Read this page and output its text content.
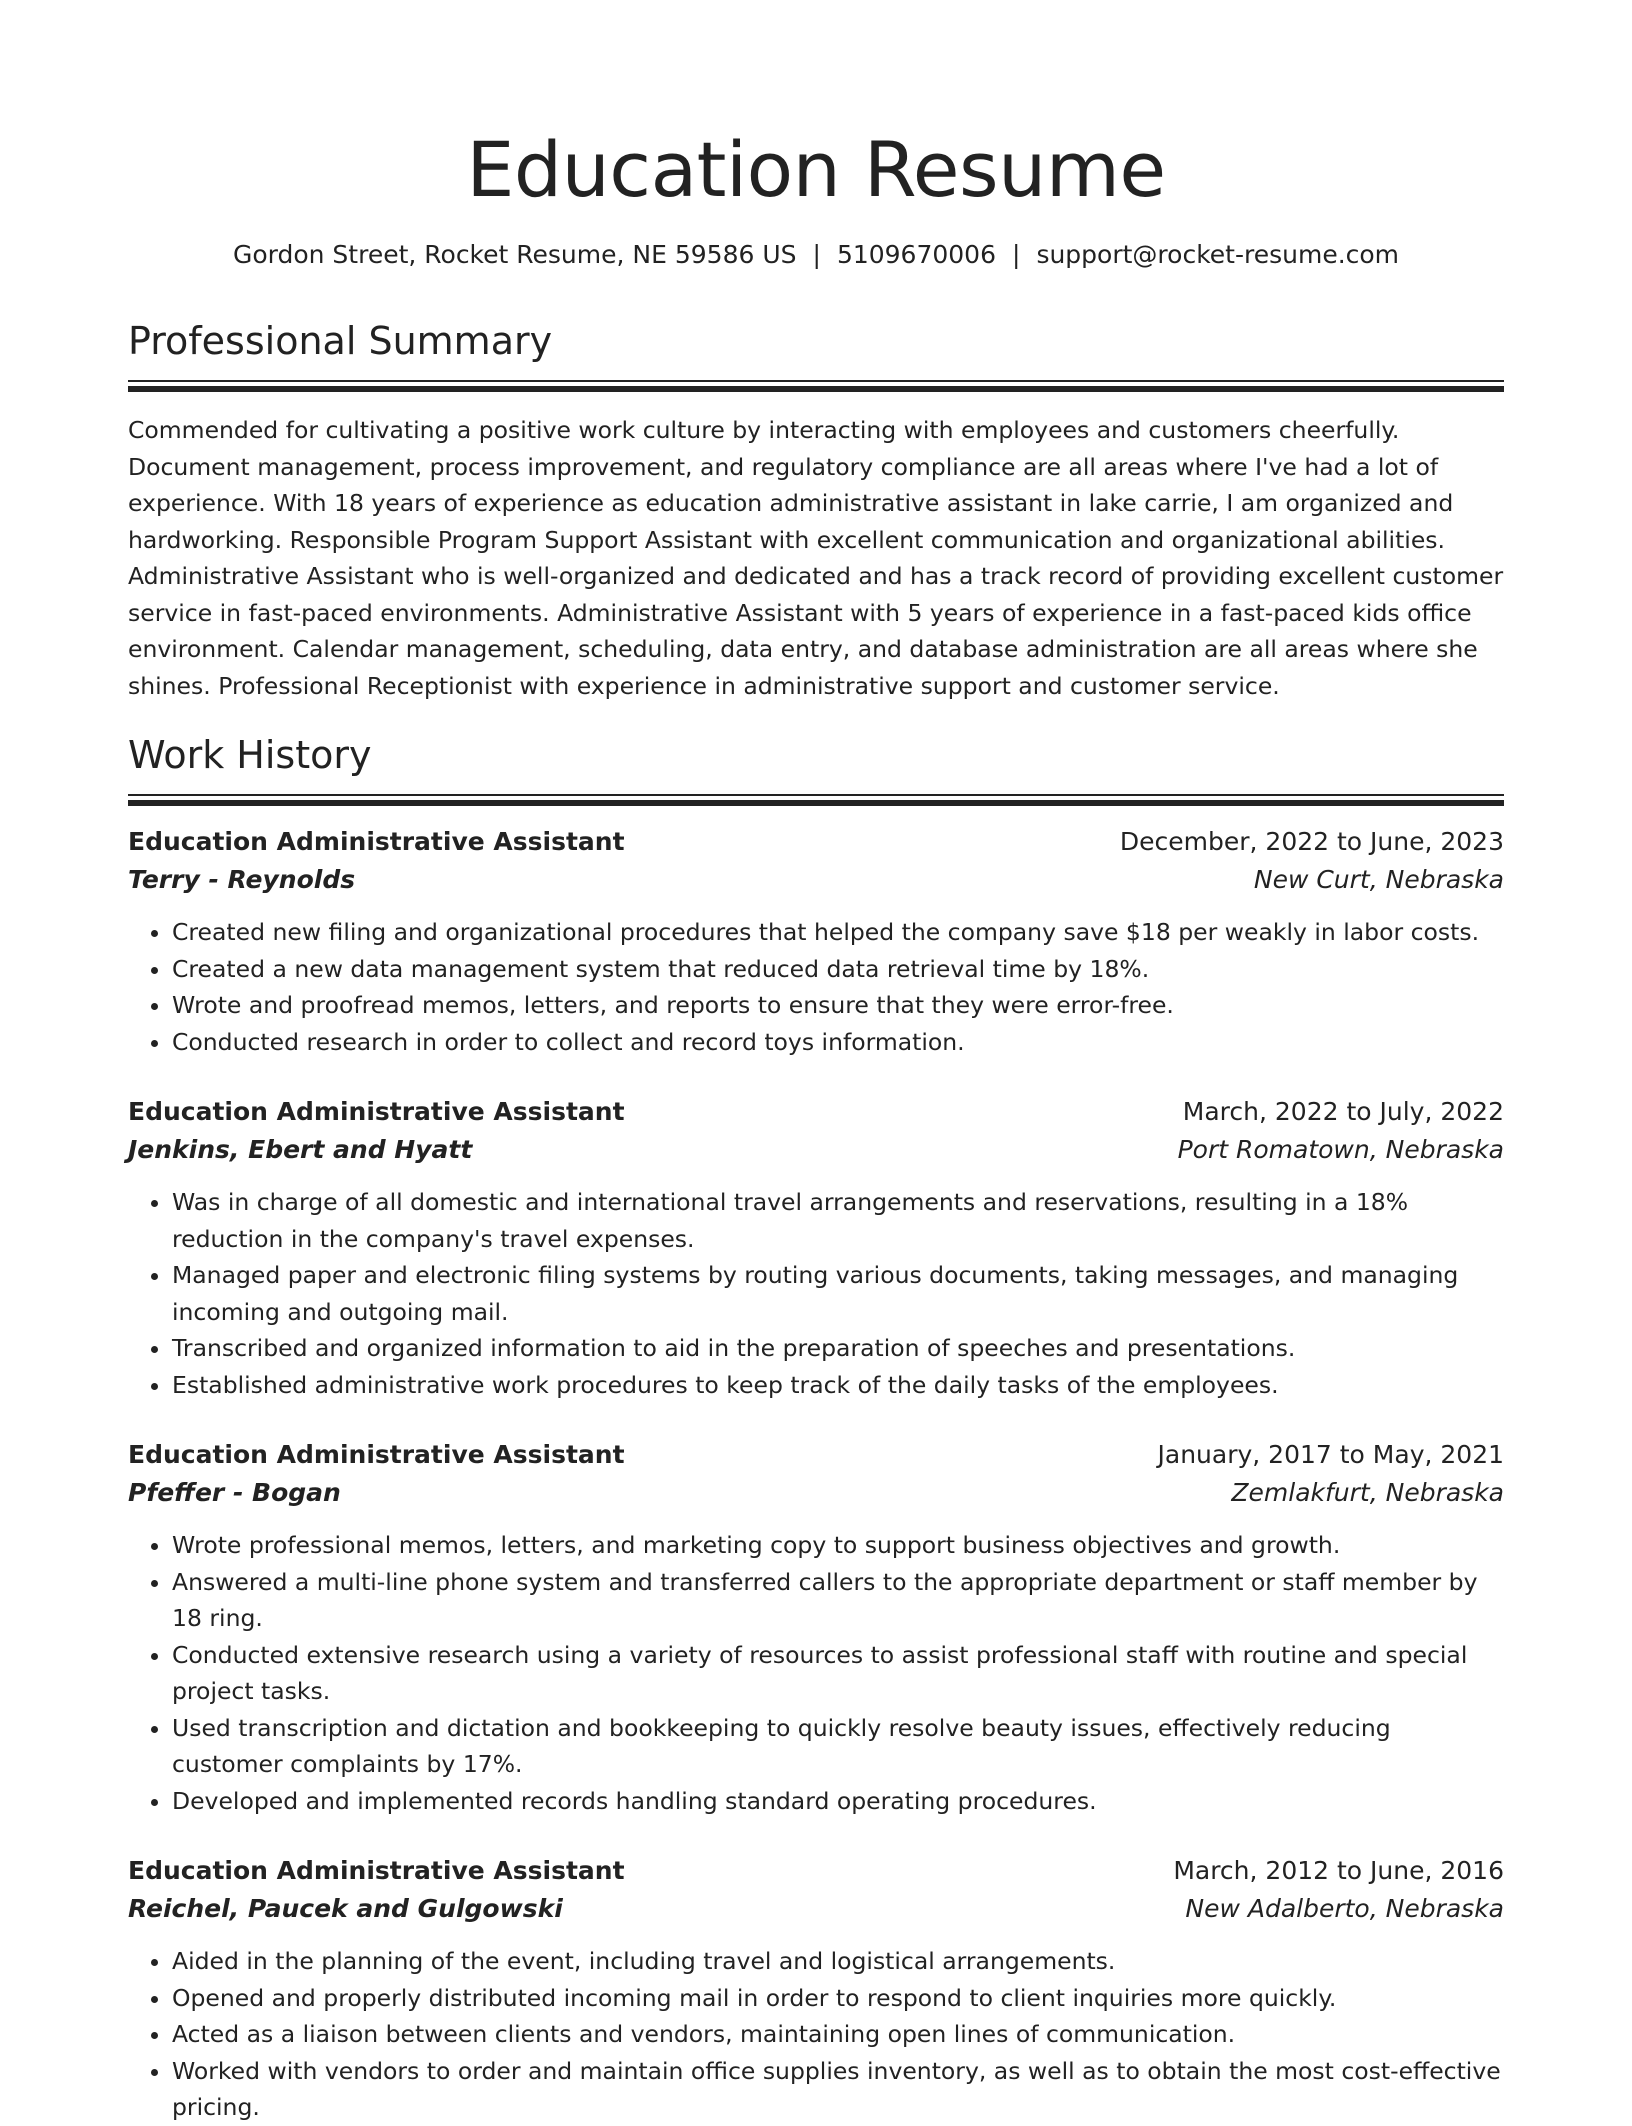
Education Resume
Gordon Street, Rocket Resume, NE 59586 US | 5109670006 | support@rocket-resume.com
Professional Summary

Commended for cultivating a positive work culture by interacting with employees and customers cheerfully. Document management, process improvement, and regulatory compliance are all areas where I've had a lot of experience. With 18 years of experience as education administrative assistant in lake carrie, I am organized and hardworking. Responsible Program Support Assistant with excellent communication and organizational abilities. Administrative Assistant who is well-organized and dedicated and has a track record of providing excellent customer service in fast-paced environments. Administrative Assistant with 5 years of experience in a fast-paced kids office environment. Calendar management, scheduling, data entry, and database administration are all areas where she shines. Professional Receptionist with experience in administrative support and customer service.

Work History
Education Administrative Assistant	December, 2022 to June, 2023
Terry - Reynolds	New Curt, Nebraska
• Created new filing and organizational procedures that helped the company save $18 per weakly in labor costs.
• Created a new data management system that reduced data retrieval time by 18%.
• Wrote and proofread memos, letters, and reports to ensure that they were error-free.
• Conducted research in order to collect and record toys information.
Education Administrative Assistant	March, 2022 to July, 2022
Jenkins, Ebert and Hyatt	Port Romatown, Nebraska
• Was in charge of all domestic and international travel arrangements and reservations, resulting in a 18% reduction in the company's travel expenses.
• Managed paper and electronic filing systems by routing various documents, taking messages, and managing incoming and outgoing mail.
• Transcribed and organized information to aid in the preparation of speeches and presentations.
• Established administrative work procedures to keep track of the daily tasks of the employees.
Education Administrative Assistant	January, 2017 to May, 2021
Pfeffer - Bogan	Zemlakfurt, Nebraska
• Wrote professional memos, letters, and marketing copy to support business objectives and growth.
• Answered a multi-line phone system and transferred callers to the appropriate department or staff member by 18 ring.
• Conducted extensive research using a variety of resources to assist professional staff with routine and special project tasks.
• Used transcription and dictation and bookkeeping to quickly resolve beauty issues, effectively reducing customer complaints by 17%.
• Developed and implemented records handling standard operating procedures.
Education Administrative Assistant	March, 2012 to June, 2016
Reichel, Paucek and Gulgowski	New Adalberto, Nebraska
• Aided in the planning of the event, including travel and logistical arrangements.
• Opened and properly distributed incoming mail in order to respond to client inquiries more quickly.
• Acted as a liaison between clients and vendors, maintaining open lines of communication.
• Worked with vendors to order and maintain office supplies inventory, as well as to obtain the most cost-effective pricing.
